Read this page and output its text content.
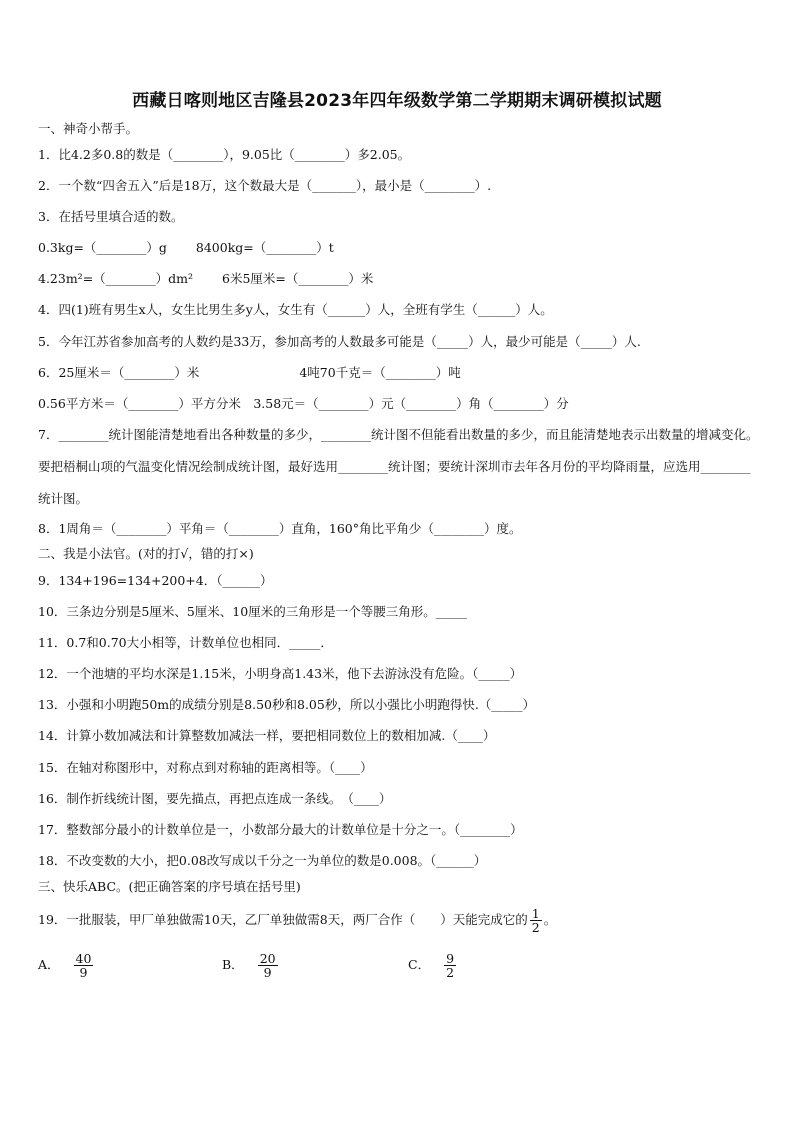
西藏日喀则地区吉隆县2023年四年级数学第二学期期末调研模拟试题
一、神奇小帮手。
1．比4.2多0.8的数是（________），9.05比（________）多2.05。
2．一个数“四舍五入”后是18万，这个数最大是（_______），最小是（________）.
3．在括号里填合适的数。
0.3kg=（________）g　　 8400kg=（________）t
4.23m²=（________）dm²　　 6米5厘米=（________）米
4．四(1)班有男生x人，女生比男生多y人，女生有（______）人，全班有学生（______）人。
5．今年江苏省参加高考的人数约是33万，参加高考的人数最多可能是（_____）人，最少可能是（_____）人.
6．25厘米＝（________）米　　　　　　　　4吨70千克＝（________）吨
0.56平方米＝（________）平方分米　3.58元＝（________）元（________）角（________）分
7．________统计图能清楚地看出各种数量的多少，________统计图不但能看出数量的多少，而且能清楚地表示出数量的增减变化。要把梧桐山项的气温变化情况绘制成统计图，最好选用________统计图；要统计深圳市去年各月份的平均降雨量，应选用________统计图。
8．1周角＝（________）平角＝（________）直角，160°角比平角少（________）度。
二、我是小法官。(对的打√，错的打×)
9．134+196=134+200+4．（______）
10．三条边分别是5厘米、5厘米、10厘米的三角形是一个等腰三角形。_____
11．0.7和0.70大小相等，计数单位也相同．_____．
12．一个池塘的平均水深是1.15米，小明身高1.43米，他下去游泳没有危险。（_____）
13．小强和小明跑50m的成绩分别是8.50秒和8.05秒，所以小强比小明跑得快.（_____）
14．计算小数加减法和计算整数加减法一样，要把相同数位上的数相加减.（____）
15．在轴对称图形中，对称点到对称轴的距离相等。（____）
16．制作折线统计图，要先描点，再把点连成一条线。　（____）
17．整数部分最小的计数单位是一，小数部分最大的计数单位是十分之一。（________）
18．不改变数的大小，把0.08改写成以千分之一为单位的数是0.008。（______）
三、快乐ABC。(把正确答案的序号填在括号里)
19．一批服装，甲厂单独做需10天，乙厂单独做需8天，两厂合作（　　）天能完成它的 $\frac{1}{2}$ 。
A． $\frac{40}{9}$	B． $\frac{20}{9}$	C． $\frac{9}{2}$
